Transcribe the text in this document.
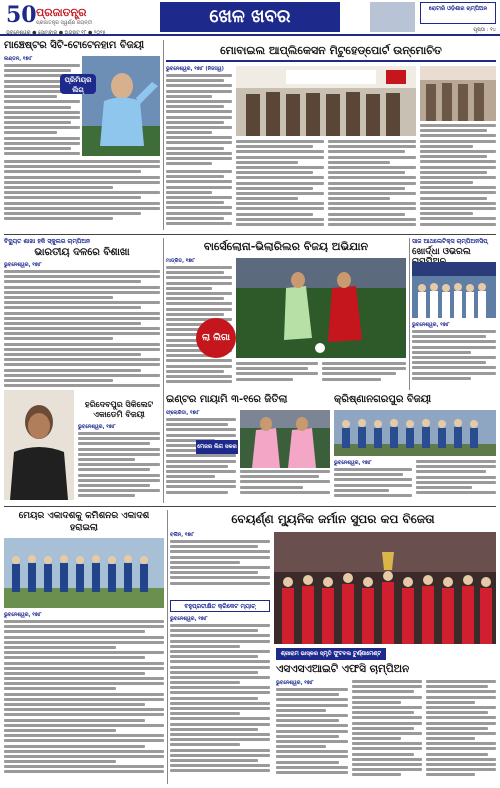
50 ପ୍ରଜାତନ୍ତ୍ର
ପ୍ରଜାତନ୍ତ୍ର ସ୍ୱର୍ଣ୍ଣ ଜୟନ୍ତୀ
ଭୁବନେଶ୍ୱର ● ସୋମବାର ● ଅଗଷ୍ଟ ୧୮ ● ୨୦୨୫
ଖେଳ ଖବର	ରୋଟାରି ଓଡ଼ିଶାର ଚାମ୍ପିଅନ
ପୃଷ୍ଠା : ୧୪
ମାଞ୍ଚେଷ୍ଟର ସିଟି-ଟୋଟେନହାମ ବିଜୟୀ
ଲଣ୍ଡନ, ୧୭ା୮
ପ୍ରିମିୟର ଲିଗ୍
ମୋବାଇଲ ଆପ୍ଲିକେସନ ମିଟୁହେଡ୍‌ପୋର୍ଟ ଉନ୍ମୋଚିତ
ଭୁବନେଶ୍ୱର, ୧୭ା୮ (ନିଜସ୍ୱ)
ବିଦ୍ୟୁତ ଶାଖା ହକି ସ୍କୁଲର ଚାମ୍ପିଅନ
ଭାରତୀୟ ଦଳରେ ବିଶାଖା
ଭୁବନେଶ୍ୱର, ୧୭ା୮
ହରିଦେବପୁର ସିକିଲେଟ ଏକାଡେମି ବିଜୟୀ
ଭୁବନେଶ୍ୱର, ୧୭ା୮
ବାର୍ସେଲୋନା-ଭିଲାରିଲର ବିଜୟ ଅଭିଯାନ
ମାଡ୍ରିଡ, ୧୭ା୮
ଲା ଲିଗା
ସାଜ ଆଥଲେଟିକ୍ସ ଚାମ୍ପିଅନସିପ୍
ଖୋର୍ଦ୍ଧା ଓଭରଲ
ଭୁବନେଶ୍ୱର, ୧୭ା୮
ଇଣ୍ଟର ମାୟାମି ୩-୧ରେ ଜିତିଲା
ଫ୍ଲୋରିଡା, ୧୭ା୮
ମେଜର ଲିଗ ସକର
କ୍ରିଷ୍ଣାନଗରପୁର ବିଜୟୀ
ଭୁବନେଶ୍ୱର, ୧୭ା୮
ମେୟର ଏକାଦଶକୁ କମିଶନର ଏକାଦଶ ହରାଇଲା
ଭୁବନେଶ୍ୱର, ୧୭ା୮
ବହୁପ୍ରତୀକ୍ଷିତ କ୍ରିକେଟ ମ୍ୟାଚ୍
ଭୁବନେଶ୍ୱର, ୧୭ା୮
ବେୟର୍ଣ୍ଣ ମ୍ୟୁନିକ ଜର୍ମାନ ସୁପର କପ ବିଜେତା
ବର୍ଲିନ, ୧୭ା୮
ଶ୍ରୀରାମ ଭାସ୍କର ସ୍ମୃତି ଫୁଟବଲ ଟୁର୍ଣ୍ଣାମେଣ୍ଟ
ଏସଏସଏଆଇଟି ଏଫସି ଚାମ୍ପିଅନ
ଭୁବନେଶ୍ୱର, ୧୭ା୮
